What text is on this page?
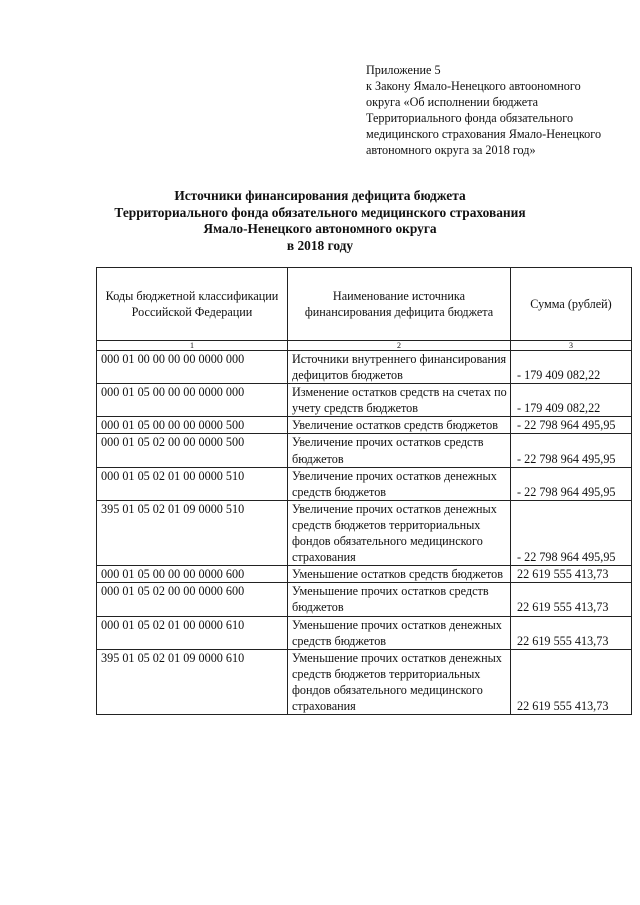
Приложение 5
к Закону Ямало-Ненецкого автоономного
округа «Об исполнении бюджета
Территориального фонда обязательного
медицинского страхования Ямало-Ненецкого
автономного округа за 2018 год»
Источники финансирования дефицита бюджета
Территориального фонда обязательного медицинского страхования
Ямало-Ненецкого автономного округа
в 2018 году
Коды бюджетной классификации Российской Федерации	Наименование источника финансирования дефицита бюджета	Сумма (рублей)
1	2	3
000 01 00 00 00 00 0000 000	Источники внутреннего финансирования дефицитов бюджетов	- 179 409 082,22
000 01 05 00 00 00 0000 000	Изменение остатков средств на счетах по учету средств бюджетов	- 179 409 082,22
000 01 05 00 00 00 0000 500	Увеличение остатков средств бюджетов	- 22 798 964 495,95
000 01 05 02 00 00 0000 500	Увеличение прочих остатков средств бюджетов	- 22 798 964 495,95
000 01 05 02 01 00 0000 510	Увеличение прочих остатков денежных средств бюджетов	- 22 798 964 495,95
395 01 05 02 01 09 0000 510	Увеличение прочих остатков денежных средств бюджетов территориальных фондов обязательного медицинского страхования	- 22 798 964 495,95
000 01 05 00 00 00 0000 600	Уменьшение остатков средств бюджетов	22 619 555 413,73
000 01 05 02 00 00 0000 600	Уменьшение прочих остатков средств бюджетов	22 619 555 413,73
000 01 05 02 01 00 0000 610	Уменьшение прочих остатков денежных средств бюджетов	22 619 555 413,73
395 01 05 02 01 09 0000 610	Уменьшение прочих остатков денежных средств бюджетов территориальных фондов обязательного медицинского страхования	22 619 555 413,73
